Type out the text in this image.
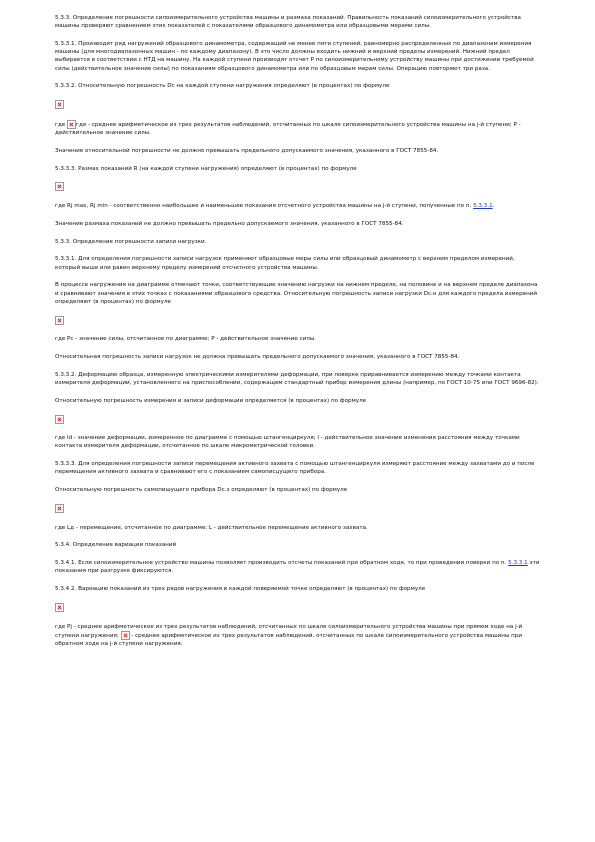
5.3.3. Определение погрешности силоизмерительного устройства машины и размаха показаний. Правильность показаний силоизмерительного устройства машины проверяют сравнением этих показателей с показателями образцового динамометра или образцовыми мерами силы.

5.3.3.1. Производят ряд нагружений образцового динамометра, содержащий не менее пяти ступеней, равномерно распределенных по диапазонам измерения машины (для многодиапазонных машин - по каждому диапазону). В это число должны входить нижний и верхний пределы измерений. Нижний предел выбирается в соответствии с НТД на машину. На каждой ступени производят отсчет P по силоизмерительному устройству машины при достижении требуемой силы (действительное значение силы) по показаниям образцового динамометра или по образцовым мерам силы. Операцию повторяют три раза.

5.3.3.2. Относительную погрешность Dc на каждой ступени нагружения определяют (в процентах) по формуле

где где - среднее арифметическое из трех результатов наблюдений, отсчитанных по шкале силоизмерительного устройства машины на j-й ступени; P - действительное значение силы.

Значение относительной погрешности не должно превышать предельного допускаемого значения, указанного в ГОСТ 7855-84.

5.3.3.3. Размах показаний R (на каждой ступени нагружения) определяют (в процентах) по формуле

где Rj max, Rj min - соответственно наибольшее и наименьшее показания отсчетного устройства машины на j-й ступени, полученные по п. 5.3.3.1.

Значение размаха показаний не должно превышать предельно допускаемого значения, указанного в ГОСТ 7855-84.

5.3.3. Определение погрешности записи нагрузки.

5.3.3.1. Для определения погрешности записи нагрузок применяют образцовые меры силы или образцовый динамометр с верхним пределом измерений, который выше или равен верхнему пределу измерений отсчетного устройства машины.

В процессе нагружения на диаграмме отмечают точки, соответствующие значению нагрузки на нижнем пределе, на половине и на верхнем пределе диапазона и сравнивают значения в этих точках с показаниями образцового средства. Относительную погрешность записи нагрузки Dc.н для каждого предела измерений определяют (в процентах) по формуле

где Pc - значение силы, отсчитанное по диаграмме; P - действительное значение силы.

Относительная погрешность записи нагрузок не должна превышать предельного допускаемого значения, указанного в ГОСТ 7855-84.

5.3.3.2. Деформацию образца, измеренную электрическими измерителями деформации, при поверке приравнивается измерению между точками контакта измерителя деформации, установленного на приспособлении, содержащем стандартный прибор измерения длины (например, по ГОСТ 10-75 или ГОСТ 9696-82).

Относительную погрешность измерения и записи деформации определяется (в процентах) по формуле

где ld - значение деформации, измеренное по диаграмме с помощью штангенциркуля; l - действительное значение изменения расстояния между точками контакта измерителя деформации, отсчитанное по шкале микрометрической головки.

5.3.3.3. Для определения погрешности записи перемещения активного захвата с помощью штангенциркуля измеряют расстояние между захватами до и после перемещения активного захвата и сравнивают его с показанием самописцущего прибора.

Относительную погрешность самопишущего прибора Dc.з определяют (в процентах) по формуле

где Lд - перемещение, отсчитанное по диаграмме; L - действительное перемещение активного захвата.

5.3.4. Определение вариации показаний

5.3.4.1. Если силоизмерительное устройство машины позволяет производить отсчеты показаний при обратном ходе, то при проведении поверки по п. 5.3.3.1 эти показания при разгрузке фиксируются.

5.3.4.2. Вариацию показаний из трех рядов нагружения в каждой поверяемой точке определяют (в процентах) по формуле

где Pj - среднее арифметическое из трех результатов наблюдений, отсчитанных по шкале силоизмерительного устройства машины при прямом ходе на j-й ступени нагружения; - среднее арифметическое из трех результатов наблюдений, отсчитанных по шкале силоизмерительного устройства машины при обратном ходе на j-й ступени нагружения.
